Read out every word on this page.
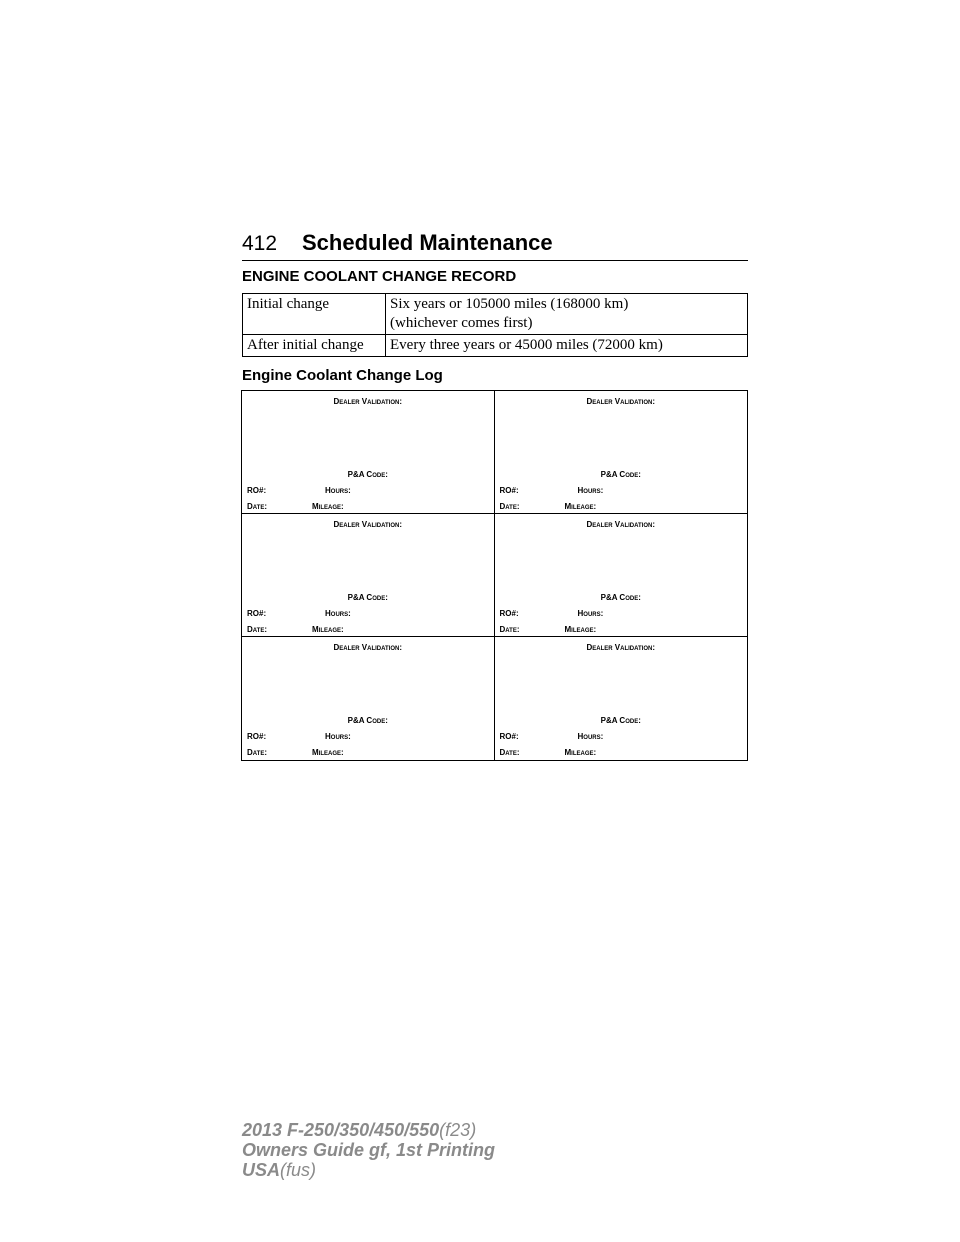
412 Scheduled Maintenance
ENGINE COOLANT CHANGE RECORD
Initial change	Six years or 105000 miles (168000 km)
(whichever comes first)

After initial change	Every three years or 45000 miles (72000 km)
Engine Coolant Change Log
Dealer Validation:
P&A Code:
RO#:	Hours:
Date:	Mileage:
Dealer Validation:
P&A Code:
RO#:	Hours:
Date:	Mileage:
Dealer Validation:
P&A Code:
RO#:	Hours:
Date:	Mileage:
Dealer Validation:
P&A Code:
RO#:	Hours:
Date:	Mileage:
Dealer Validation:
P&A Code:
RO#:	Hours:
Date:	Mileage:
Dealer Validation:
P&A Code:
RO#:	Hours:
Date:	Mileage:
2013 F-250/350/450/550(f23)
Owners Guide gf, 1st Printing
USA(fus)
